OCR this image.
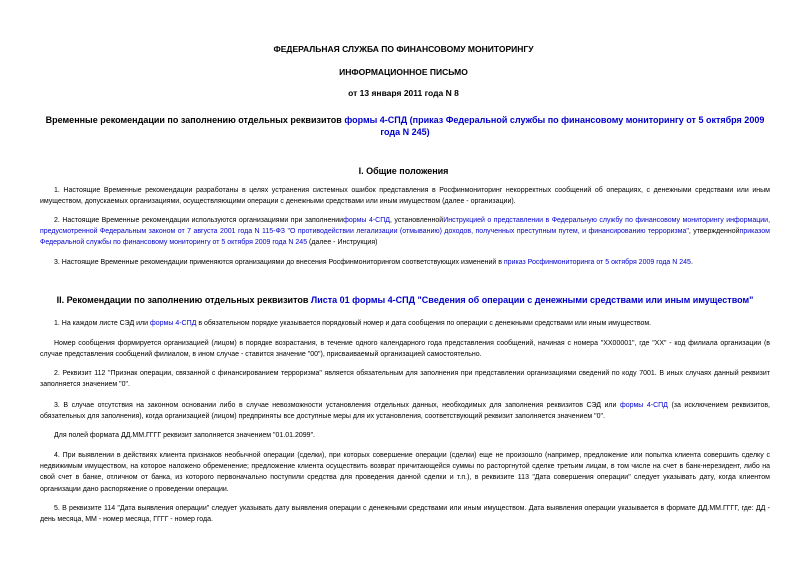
ФЕДЕРАЛЬНАЯ СЛУЖБА ПО ФИНАНСОВОМУ МОНИТОРИНГУ
ИНФОРМАЦИОННОЕ ПИСЬМО
от 13 января 2011 года N 8
Временные рекомендации по заполнению отдельных реквизитов формы 4-СПД (приказ Федеральной службы по финансовому мониторингу от 5 октября 2009 года N 245)
I. Общие положения
1. Настоящие Временные рекомендации разработаны в целях устранения системных ошибок представления в Росфинмониторинг некорректных сообщений об операциях, с денежными средствами или иным имуществом, допускаемых организациями, осуществляющими операции с денежными средствами или иным имуществом (далее - организации).
2. Настоящие Временные рекомендации используются организациями при заполненииформы 4-СПД, установленнойИнструкцией о представлении в Федеральную службу по финансовому мониторингу информации, предусмотренной Федеральным законом от 7 августа 2001 года N 115-ФЗ "О противодействии легализации (отмыванию) доходов, полученных преступным путем, и финансированию терроризма", утвержденнойприказом Федеральной службы по финансовому мониторингу от 5 октября 2009 года N 245 (далее - Инструкция)
3. Настоящие Временные рекомендации применяются организациями до внесения Росфинмониторингом соответствующих изменений в приказ Росфинмониторинга от 5 октября 2009 года N 245.
II. Рекомендации по заполнению отдельных реквизитов Листа 01 формы 4-СПД "Сведения об операции с денежными средствами или иным имуществом"
1. На каждом листе СЭД или формы 4-СПД в обязательном порядке указывается порядковый номер и дата сообщения по операции с денежными средствами или иным имуществом.
Номер сообщения формируется организацией (лицом) в порядке возрастания, в течение одного календарного года представления сообщений, начиная с номера "XX00001", где "XX" - код филиала организации (в случае представления сообщений филиалом, в ином случае - ставится значение "00"), присваиваемый организацией самостоятельно.
2. Реквизит 112 "Признак операции, связанной с финансированием терроризма" является обязательным для заполнения при представлении организациями сведений по коду 7001. В иных случаях данный реквизит заполняется значением "0".
3. В случае отсутствия на законном основании либо в случае невозможности установления отдельных данных, необходимых для заполнения реквизитов СЭД или формы 4-СПД (за исключением реквизитов, обязательных для заполнения), когда организацией (лицом) предприняты все доступные меры для их установления, соответствующий реквизит заполняется значением "0".
Для полей формата ДД.ММ.ГГГГ реквизит заполняется значением "01.01.2099".
4. При выявлении в действиях клиента признаков необычной операции (сделки), при которых совершение операции (сделки) еще не произошло (например, предложение или попытка клиента совершить сделку с недвижимым имуществом, на которое наложено обременение; предложение клиента осуществить возврат причитающейся суммы по расторгнутой сделке третьим лицам, в том числе на счет в банк-нерезидент, либо на свой счет в банке, отличном от банка, из которого первоначально поступили средства для проведения данной сделки и т.п.), в реквизите 113 "Дата совершения операции" следует указывать дату, когда клиентом организации дано распоряжение о проведении операции.
5. В реквизите 114 "Дата выявления операции" следует указывать дату выявления операции с денежными средствами или иным имуществом. Дата выявления операции указывается в формате ДД.ММ.ГГГГ, где: ДД - день месяца, ММ - номер месяца, ГГГГ - номер года.
